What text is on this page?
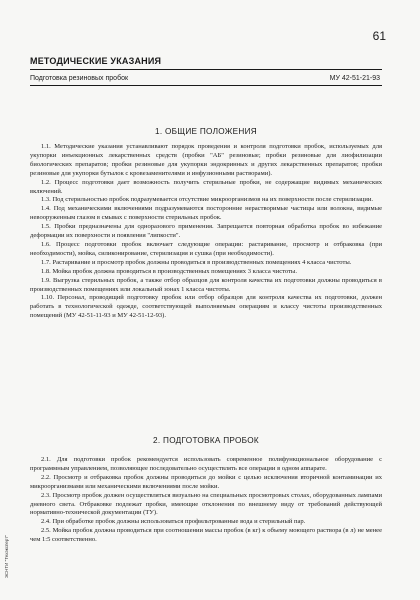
61
МЕТОДИЧЕСКИЕ УКАЗАНИЯ
Подготовка резиновых пробок	МУ 42-51-21-93
1. ОБЩИЕ ПОЛОЖЕНИЯ

1.1. Методические указания устанавливают порядок проведения и контроля подготовки пробок, используемых для укупорки инъекционных лекарственных средств (пробки "АБ" резиновые; пробки резиновые для лиофилизации биологических препаратов; пробки резиновые для укупорки эндокринных и других лекарственных препаратов; пробки резиновые для укупорки бутылок с кровезаменителями и инфузионными растворами).

1.2. Процесс подготовки дает возможность получить стерильные пробки, не содержащие видимых механических включений.

1.3. Под стерильностью пробок подразумевается отсутствие микроорганизмов на их поверхности после стерилизации.

1.4. Под механическими включениями подразумеваются посторонние нерастворимые частицы или волокна, видимые невооруженным глазом в смывах с поверхности стерильных пробок.

1.5. Пробки предназначены для одноразового применения. Запрещается повторная обработка пробок во избежание деформации их поверхности и появления "липкости".

1.6. Процесс подготовки пробок включает следующие операции: растаривание, просмотр и отбраковка (при необходимости), мойка, силиконирование, стерилизация и сушка (при необходимости).

1.7. Растаривание и просмотр пробок должны проводиться в производственных помещениях 4 класса чистоты.

1.8. Мойка пробок должна проводиться в производственных помещениях 3 класса чистоты.

1.9. Выгрузка стерильных пробок, а также отбор образцов для контроля качества их подготовки должны проводиться в производственных помещениях или локальный зонах 1 класса чистоты.

1.10. Персонал, проводящий подготовку пробок или отбор образцов для контроля качества их подготовки, должен работать в технологической одежде, соответствующей выполняемым операциям и классу чистоты производственных помещений (МУ 42-51-11-93 и МУ 42-51-12-93).

2. ПОДГОТОВКА ПРОБОК

2.1. Для подготовки пробок рекомендуется использовать современное полифункциональное оборудование с программным управлением, позволяющее последовательно осуществлять все операции в одном аппарате.

2.2. Просмотр и отбраковка пробок должны проводиться до мойки с целью исключения вторичной контаминации их микроорганизмами или механическими включениями после мойки.

2.3. Просмотр пробок должен осуществляться визуально на специальных просмотровых столах, оборудованных лампами дневного света. Отбраковке подлежат пробки, имеющие отклонения по внешнему виду от требований действующей нормативно-технической документации (ТУ).

2.4. При обработке пробок должны использоваться профильтрованные вода и стерильный пар.

2.5. Мойка пробок должна проводиться при соотношении массы пробок (в кг) к объему моющего раствора (в л) не менее чем 1:5 соответственно.

ЭСНТИ "Техэксперт"
